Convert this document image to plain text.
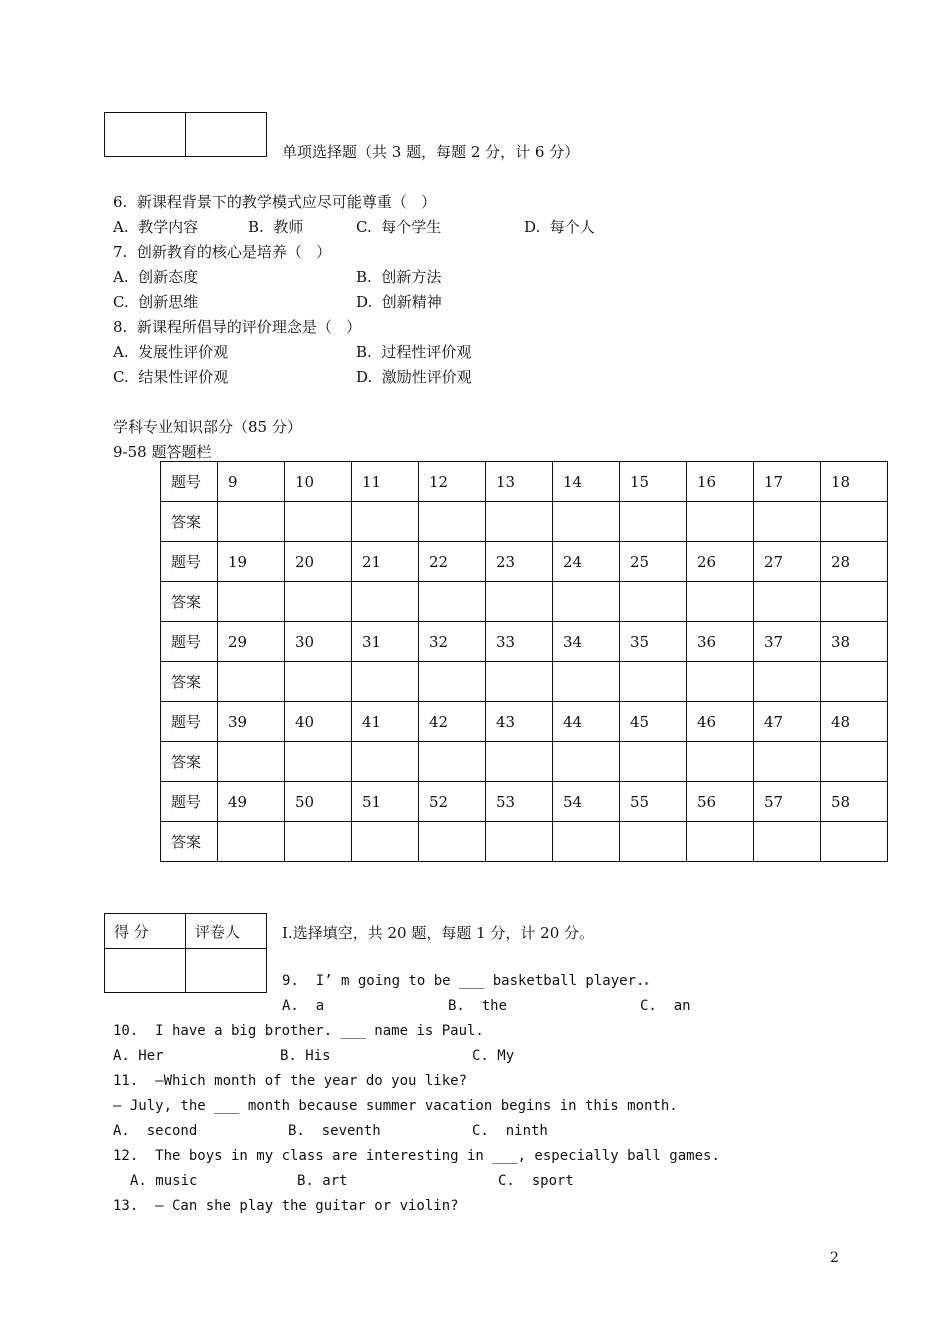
单项选择题（共 3 题，每题 2 分，计 6 分）
6.  新课程背景下的教学模式应尽可能尊重（   ）
A.  教学内容	B.  教师	C.  每个学生	D.  每个人
7.  创新教育的核心是培养（   ）
A.  创新态度	B.  创新方法
C.  创新思维	D.  创新精神
8.  新课程所倡导的评价理念是（   ）
A.  发展性评价观	B.  过程性评价观
C.  结果性评价观	D.  激励性评价观
学科专业知识部分（85 分）
9-58 题答题栏
题号	9	10	11	12	13	14	15	16	17	18
答案										
题号	19	20	21	22	23	24	25	26	27	28
答案										
题号	29	30	31	32	33	34	35	36	37	38
答案										
题号	39	40	41	42	43	44	45	46	47	48
答案										
题号	49	50	51	52	53	54	55	56	57	58
答案										
得 分	评卷人
		I.选择填空，共 20 题，每题 1 分，计 20 分。
9.  I’ m going to be ___ basketball player.
A.  a	B.  the	C.  an
10.  I have a big brother. ___ name is Paul.
A. Her	B. His	C. My
11.  —Which month of the year do you like?
— July, the ___ month because summer vacation begins in this month.
A.  second	B.  seventh	C.  ninth
12.  The boys in my class are interesting in ___, especially ball games.
A. music	B. art	C.  sport
13.  — Can she play the guitar or violin?
2
